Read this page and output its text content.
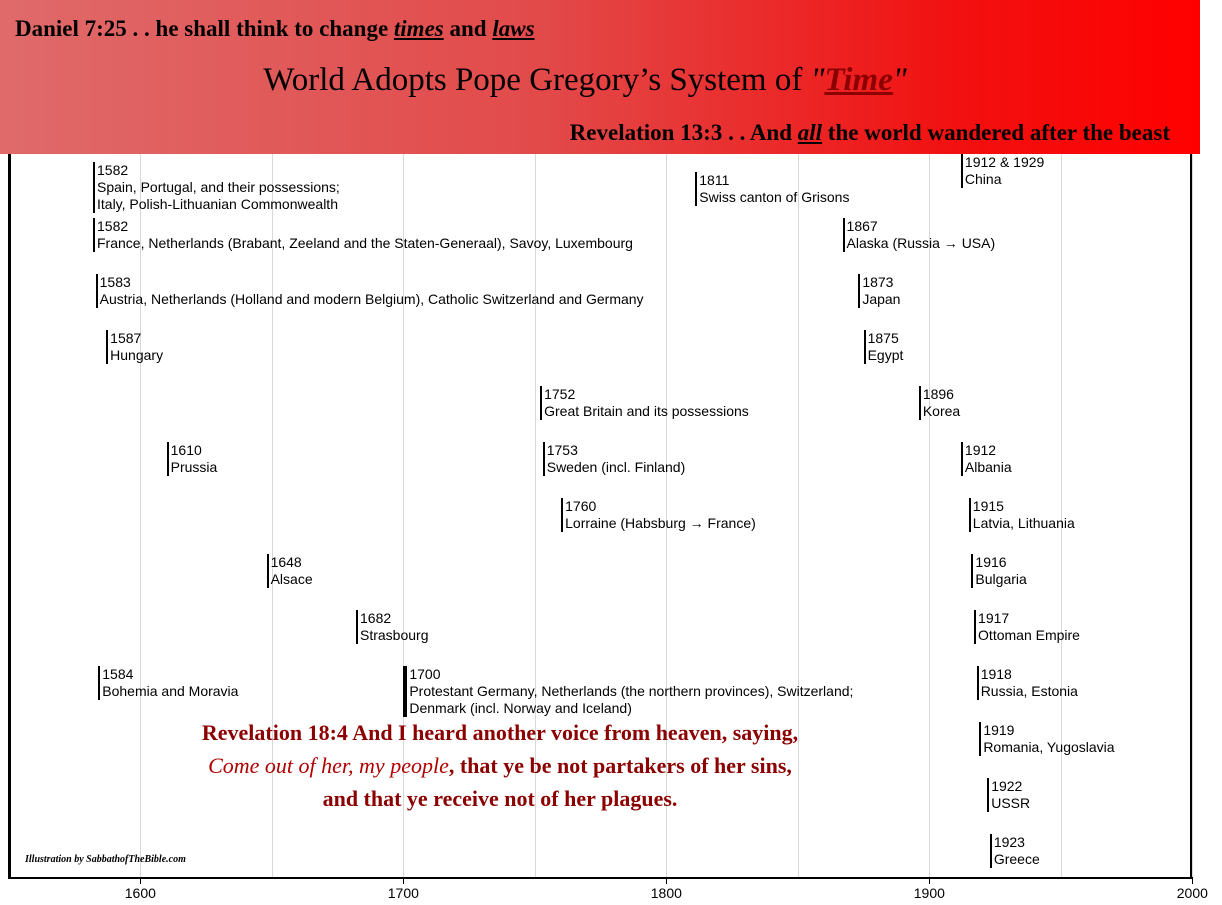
1582
Spain, Portugal, and their possessions;
Italy, Polish-Lithuanian Commonwealth
1582
France, Netherlands (Brabant, Zeeland and the Staten-Generaal), Savoy, Luxembourg
1583
Austria, Netherlands (Holland and modern Belgium), Catholic Switzerland and Germany
1587
Hungary
1610
Prussia
1648
Alsace
1682
Strasbourg
1584
Bohemia and Moravia
1700
Protestant Germany, Netherlands (the northern provinces), Switzerland;
Denmark (incl. Norway and Iceland)
1752
Great Britain and its possessions
1753
Sweden (incl. Finland)
1760
Lorraine (Habsburg → France)
1811
Swiss canton of Grisons
1867
Alaska (Russia → USA)
1873
Japan
1875
Egypt
1896
Korea
1912 & 1929
China
1912
Albania
1915
Latvia, Lithuania
1916
Bulgaria
1917
Ottoman Empire
1918
Russia, Estonia
1919
Romania, Yugoslavia
1922
USSR
1923
Greece
1600	1700	1800	1900	2000
Daniel 7:25 . . he shall think to change times and laws
World Adopts Pope Gregory’s System of "Time"
Revelation 13:3 . . And all the world wandered after the beast
Revelation 18:4 And I heard another voice from heaven, saying,
Come out of her, my people, that ye be not partakers of her sins,
and that ye receive not of her plagues.
Illustration by SabbathofTheBible.com
